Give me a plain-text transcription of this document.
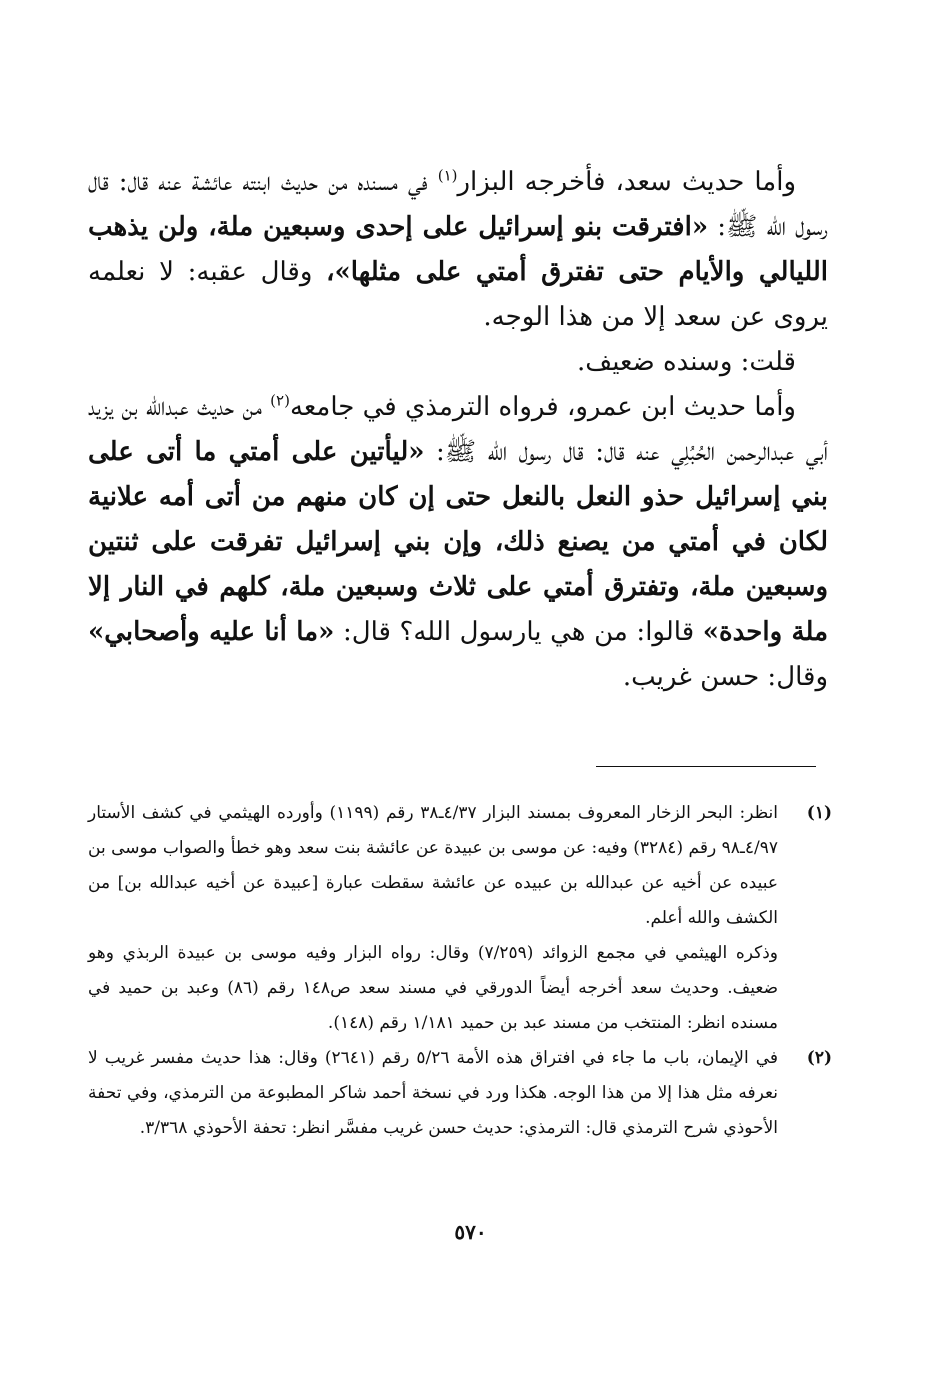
وأما حديث سعد، فأخرجه البزار$^{(١)}$ في مسنده من حديث ابنته عائشة عنه قال: قال رسول الله ﷺ: «افترقت بنو إسرائيل على إحدى وسبعين ملة، ولن يذهب الليالي والأيام حتى تفترق أمتي على مثلها»، وقال عقبه: لا نعلمه يروى عن سعد إلا من هذا الوجه.

قلت: وسنده ضعيف.

وأما حديث ابن عمرو، فرواه الترمذي في جامعه$^{(٢)}$ من حديث عبدالله بن يزيد أبي عبدالرحمن الحُبُلِي عنه قال: قال رسول الله ﷺ: «ليأتين على أمتي ما أتى على بني إسرائيل حذو النعل بالنعل حتى إن كان منهم من أتى أمه علانية لكان في أمتي من يصنع ذلك، وإن بني إسرائيل تفرقت على ثنتين وسبعين ملة، وتفترق أمتي على ثلاث وسبعين ملة، كلهم في النار إلا ملة واحدة» قالوا: من هي يارسول الله؟ قال: «ما أنا عليه وأصحابي» وقال: حسن غريب.

(١)

انظر: البحر الزخار المعروف بمسند البزار ٤/٣٧ـ٣٨ رقم (١١٩٩) وأورده الهيثمي في كشف الأستار ٤/٩٧ـ٩٨ رقم (٣٢٨٤) وفيه: عن موسى بن عبيدة عن عائشة بنت سعد وهو خطأ والصواب موسى بن عبيده عن أخيه عن عبدالله بن عبيده عن عائشة سقطت عبارة [عبيدة عن أخيه عبدالله بن] من الكشف والله أعلم.

وذكره الهيثمي في مجمع الزوائد (٧/٢٥٩) وقال: رواه البزار وفيه موسى بن عبيدة الربذي وهو ضعيف. وحديث سعد أخرجه أيضاً الدورقي في مسند سعد ص١٤٨ رقم (٨٦) وعبد بن حميد في مسنده انظر: المنتخب من مسند عبد بن حميد ١/١٨١ رقم (١٤٨).

(٢)

في الإيمان، باب ما جاء في افتراق هذه الأمة ٥/٢٦ رقم (٢٦٤١) وقال: هذا حديث مفسر غريب لا نعرفه مثل هذا إلا من هذا الوجه. هكذا ورد في نسخة أحمد شاكر المطبوعة من الترمذي، وفي تحفة الأحوذي شرح الترمذي قال: الترمذي: حديث حسن غريب مفسَّر انظر: تحفة الأحوذي ٣/٣٦٨.

٥٧٠
